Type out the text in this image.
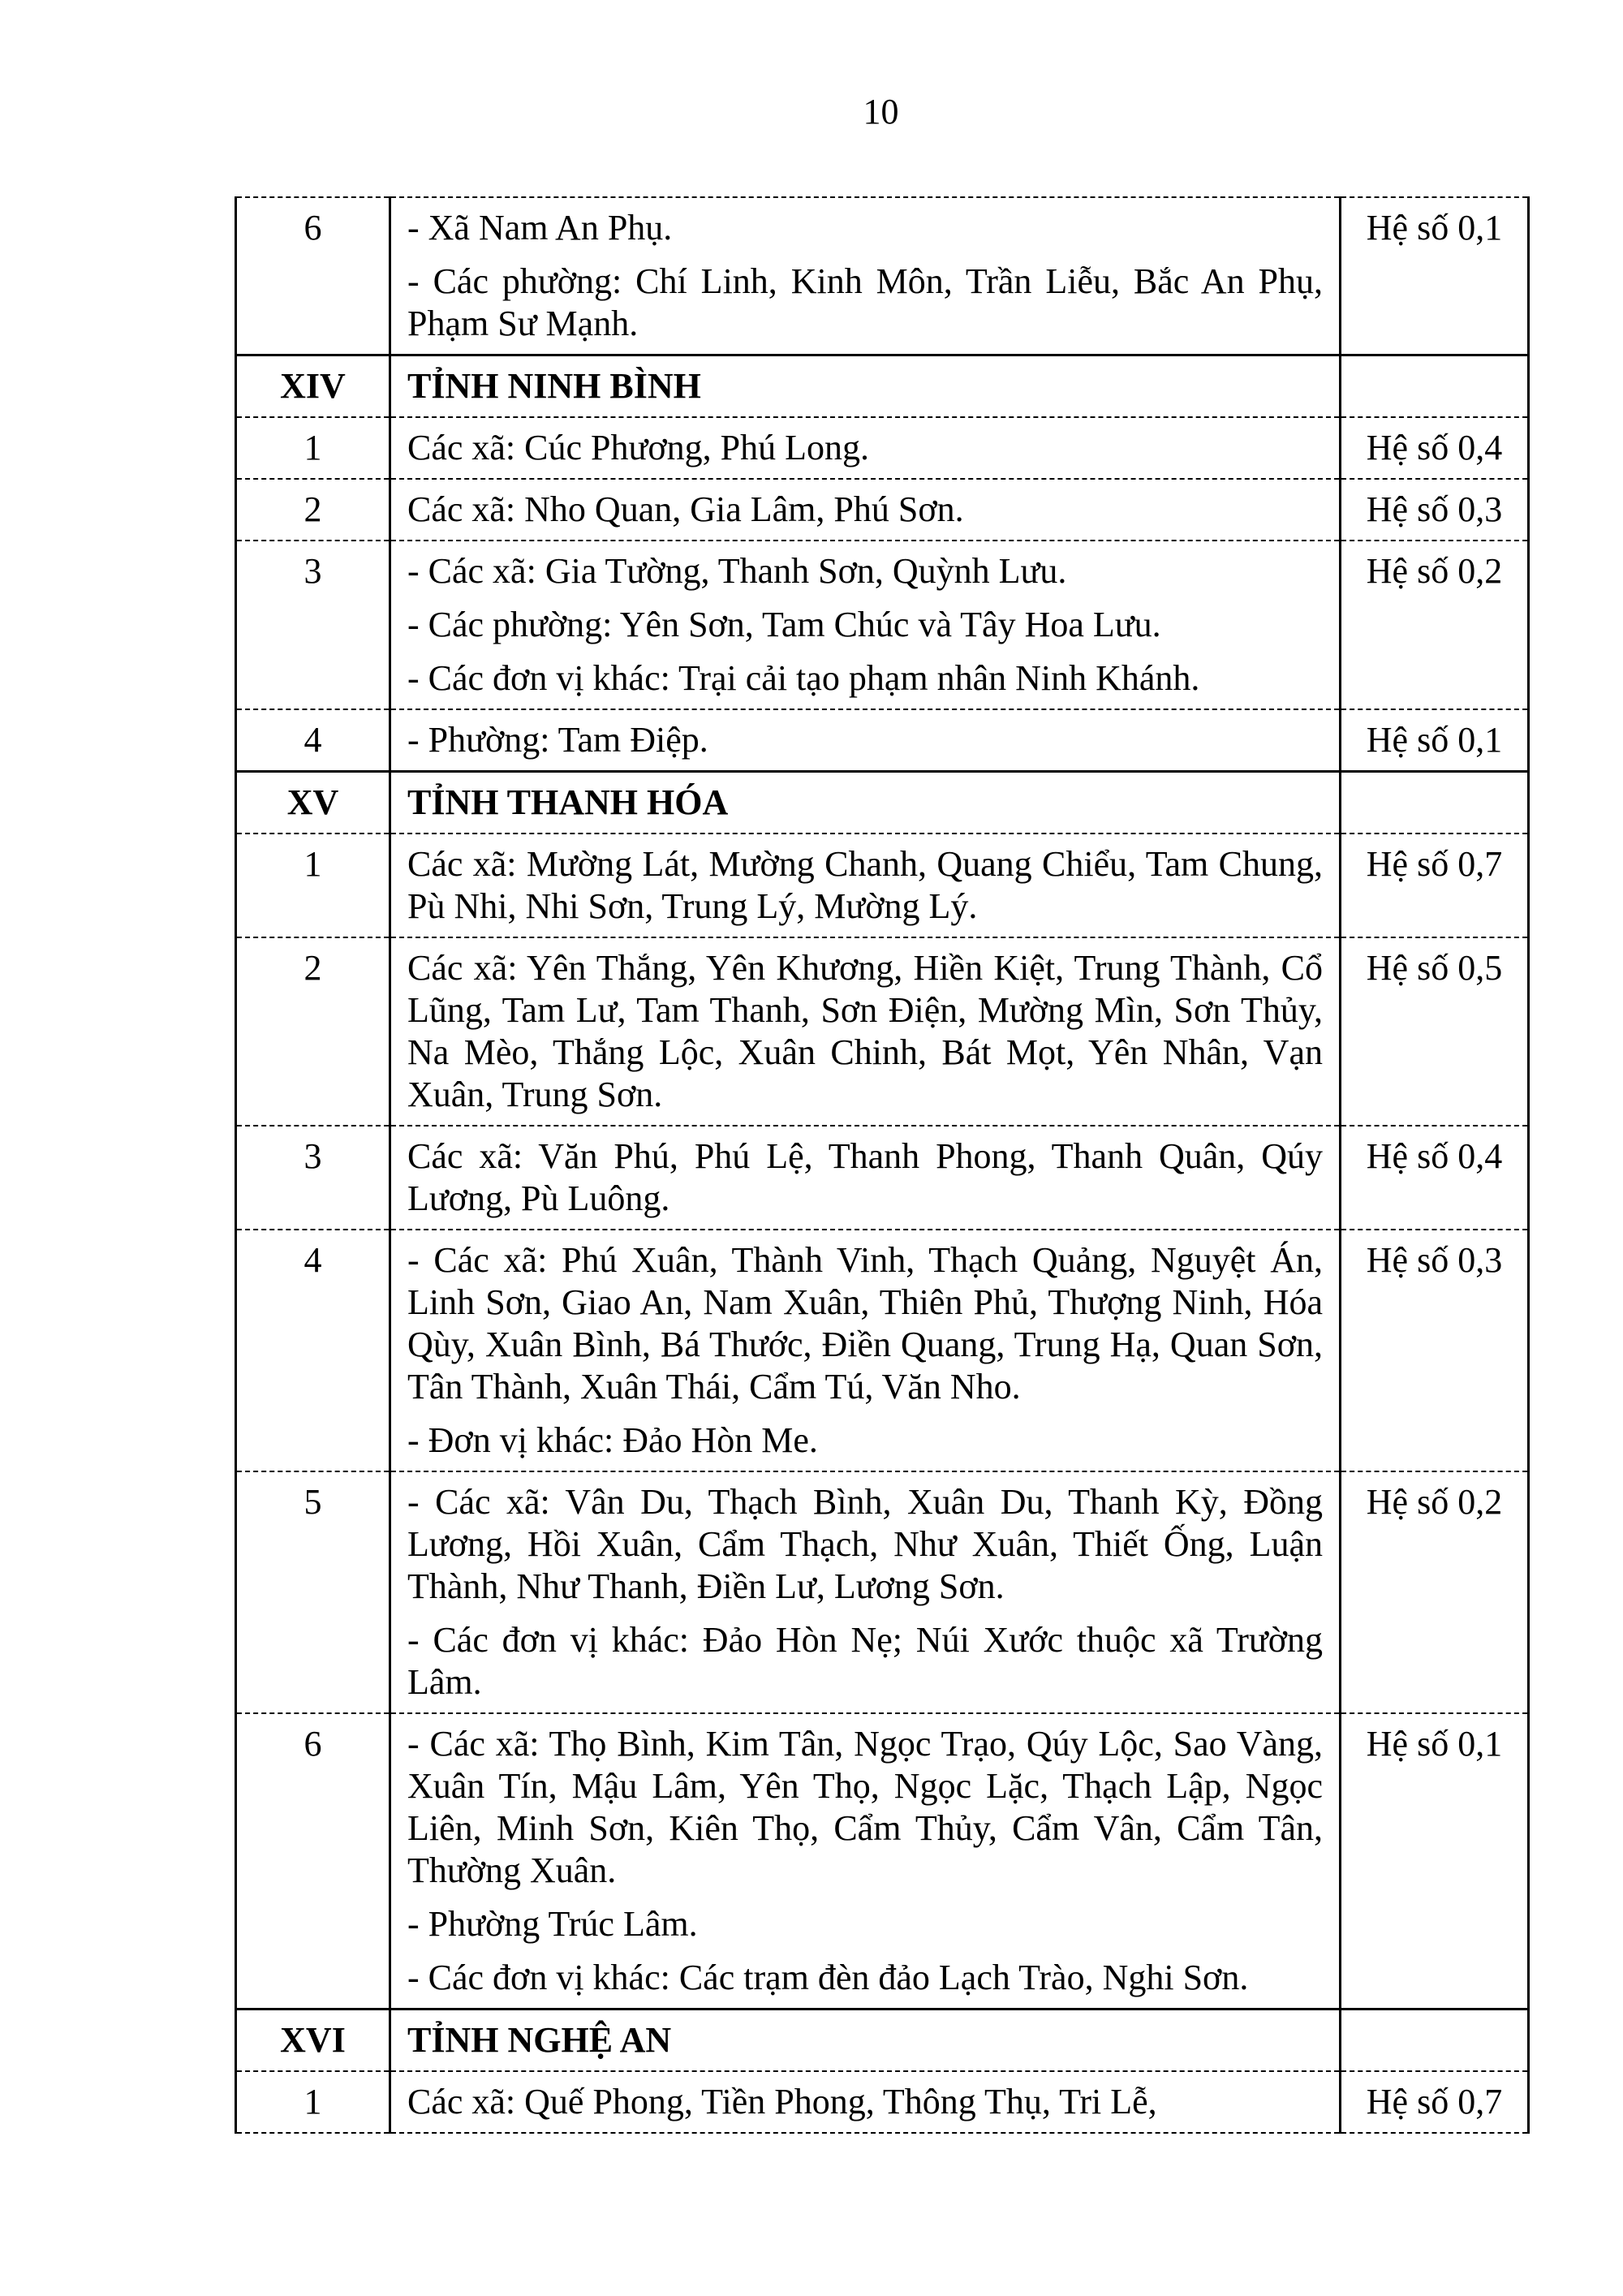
10
6	- Xã Nam An Phụ.

- Các phường: Chí Linh, Kinh Môn, Trần Liễu, Bắc An Phụ, Phạm Sư Mạnh.	Hệ số 0,1
XIV	TỈNH NINH BÌNH	
1	Các xã: Cúc Phương, Phú Long.	Hệ số 0,4
2	Các xã: Nho Quan, Gia Lâm, Phú Sơn.	Hệ số 0,3
3	- Các xã: Gia Tường, Thanh Sơn, Quỳnh Lưu.

- Các phường: Yên Sơn, Tam Chúc và Tây Hoa Lưu.

- Các đơn vị khác: Trại cải tạo phạm nhân Ninh Khánh.	Hệ số 0,2
4	- Phường: Tam Điệp.	Hệ số 0,1
XV	TỈNH THANH HÓA	
1	Các xã: Mường Lát, Mường Chanh, Quang Chiểu, Tam Chung, Pù Nhi, Nhi Sơn, Trung Lý, Mường Lý.	Hệ số 0,7
2	Các xã: Yên Thắng, Yên Khương, Hiền Kiệt, Trung Thành, Cổ Lũng, Tam Lư, Tam Thanh, Sơn Điện, Mường Mìn, Sơn Thủy, Na Mèo, Thắng Lộc, Xuân Chinh, Bát Mọt, Yên Nhân, Vạn Xuân, Trung Sơn.	Hệ số 0,5
3	Các xã: Văn Phú, Phú Lệ, Thanh Phong, Thanh Quân, Qúy Lương, Pù Luông.	Hệ số 0,4
4	- Các xã: Phú Xuân, Thành Vinh, Thạch Quảng, Nguyệt Án, Linh Sơn, Giao An, Nam Xuân, Thiên Phủ, Thượng Ninh, Hóa Qùy, Xuân Bình, Bá Thước, Điền Quang, Trung Hạ, Quan Sơn, Tân Thành, Xuân Thái, Cẩm Tú, Văn Nho.

- Đơn vị khác: Đảo Hòn Me.	Hệ số 0,3
5	- Các xã: Vân Du, Thạch Bình, Xuân Du, Thanh Kỳ, Đồng Lương, Hồi Xuân, Cẩm Thạch, Như Xuân, Thiết Ống, Luận Thành, Như Thanh, Điền Lư, Lương Sơn.

- Các đơn vị khác: Đảo Hòn Nẹ; Núi Xước thuộc xã Trường Lâm.	Hệ số 0,2
6	- Các xã: Thọ Bình, Kim Tân, Ngọc Trạo, Qúy Lộc, Sao Vàng, Xuân Tín, Mậu Lâm, Yên Thọ, Ngọc Lặc, Thạch Lập, Ngọc Liên, Minh Sơn, Kiên Thọ, Cẩm Thủy, Cẩm Vân, Cẩm Tân, Thường Xuân.

- Phường Trúc Lâm.

- Các đơn vị khác: Các trạm đèn đảo Lạch Trào, Nghi Sơn.	Hệ số 0,1
XVI	TỈNH NGHỆ AN	
1	Các xã: Quế Phong, Tiền Phong, Thông Thụ, Tri Lễ,	Hệ số 0,7
